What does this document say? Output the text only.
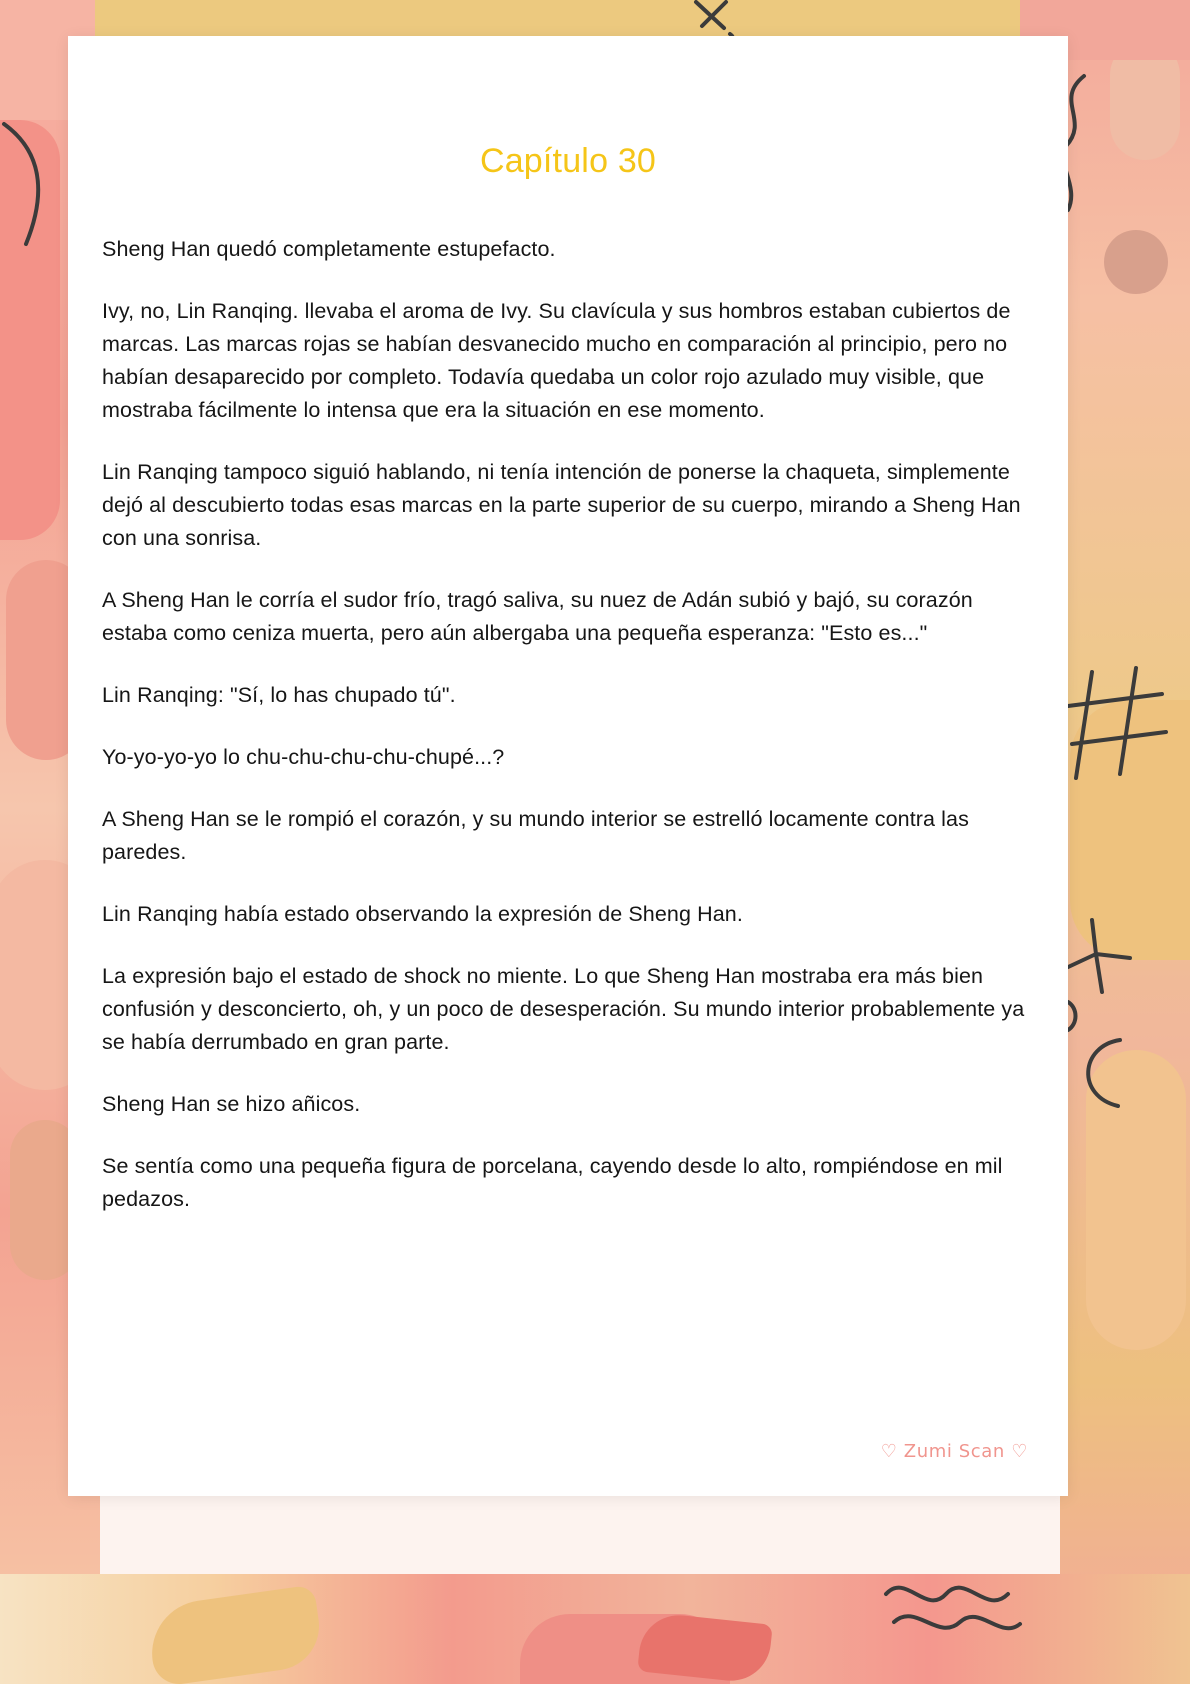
Capítulo 30

Sheng Han quedó completamente estupefacto.

Ivy, no, Lin Ranqing. llevaba el aroma de Ivy. Su clavícula y sus hombros estaban cubiertos de marcas. Las marcas rojas se habían desvanecido mucho en comparación al principio, pero no habían desaparecido por completo. Todavía quedaba un color rojo azulado muy visible, que mostraba fácilmente lo intensa que era la situación en ese momento.

Lin Ranqing tampoco siguió hablando, ni tenía intención de ponerse la chaqueta, simplemente dejó al descubierto todas esas marcas en la parte superior de su cuerpo, mirando a Sheng Han con una sonrisa.

A Sheng Han le corría el sudor frío, tragó saliva, su nuez de Adán subió y bajó, su corazón estaba como ceniza muerta, pero aún albergaba una pequeña esperanza: "Esto es..."

Lin Ranqing: "Sí, lo has chupado tú".

Yo-yo-yo-yo lo chu-chu-chu-chu-chupé...?

A Sheng Han se le rompió el corazón, y su mundo interior se estrelló locamente contra las paredes.

Lin Ranqing había estado observando la expresión de Sheng Han.

La expresión bajo el estado de shock no miente. Lo que Sheng Han mostraba era más bien confusión y desconcierto, oh, y un poco de desesperación. Su mundo interior probablemente ya se había derrumbado en gran parte.

Sheng Han se hizo añicos.

Se sentía como una pequeña figura de porcelana, cayendo desde lo alto, rompiéndose en mil pedazos.

♡ Zumi Scan ♡
